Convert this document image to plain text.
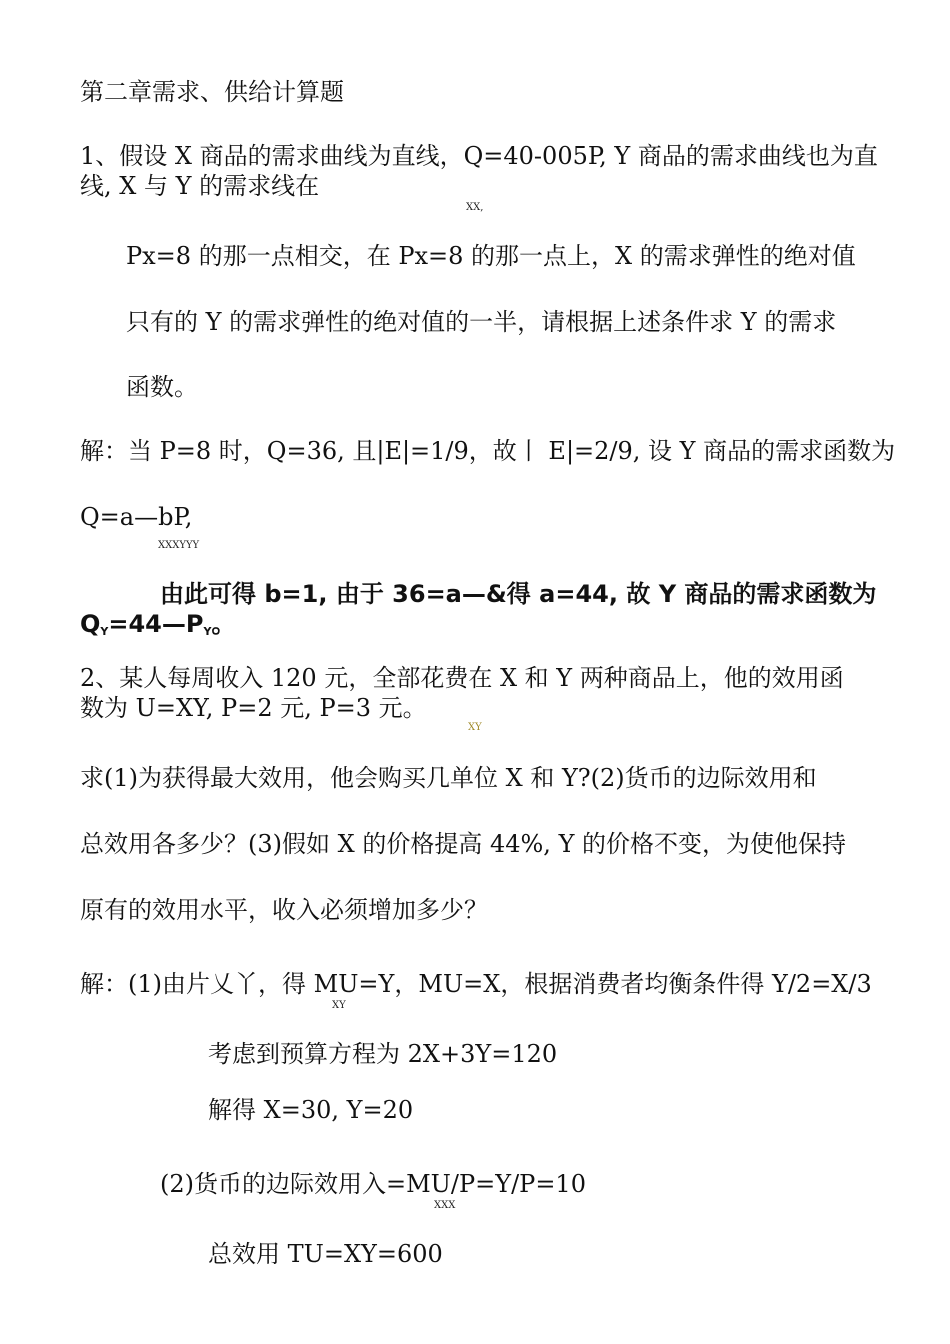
第二章需求、供给计算题
1、假设 X 商品的需求曲线为直线，Q=40-005P, Y 商品的需求曲线也为直
线, X 与 Y 的需求线在
XX,
Px=8 的那一点相交，在 Px=8 的那一点上，X 的需求弹性的绝对值
只有的 Y 的需求弹性的绝对值的一半，请根据上述条件求 Y 的需求
函数。
解：当 P=8 时，Q=36, 且|E|=1/9，故丨 E|=2/9, 设 Y 商品的需求函数为
Q=a—bP,
XXXYYY
由此可得 b=1, 由于 36=a—&得 a=44, 故 Y 商品的需求函数为
$Q_Y=44—P_Y$。
2、某人每周收入 120 元，全部花费在 X 和 Y 两种商品上，他的效用函
数为 U=XY, P=2 元, P=3 元。
XY
求(1)为获得最大效用，他会购买几单位 X 和 Y?(2)货币的边际效用和
总效用各多少？(3)假如 X 的价格提高 44%, Y 的价格不变，为使他保持
原有的效用水平，收入必须增加多少？
解：(1)由片乂丫，得 MU=Y，MU=X，根据消费者均衡条件得 Y/2=X/3
XY
考虑到预算方程为 2X+3Y=120
解得 X=30, Y=20
(2)货币的边际效用入=MU/P=Y/P=10
XXX
总效用 TU=XY=600
